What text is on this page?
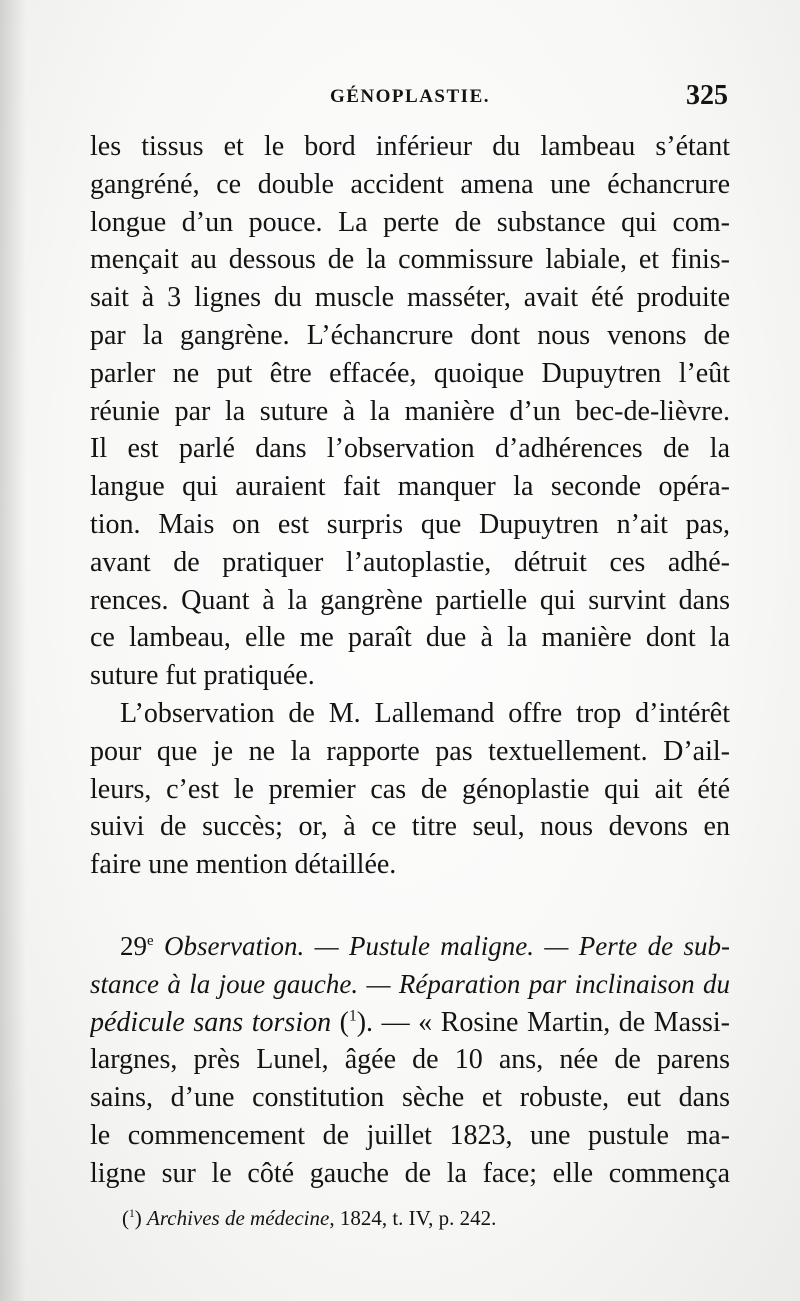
GÉNOPLASTIE.	325
les tissus et le bord inférieur du lambeau s’étant
gangréné, ce double accident amena une échancrure
longue d’un pouce. La perte de substance qui com-
mençait au dessous de la commissure labiale, et finis-
sait à 3 lignes du muscle masséter, avait été produite
par la gangrène. L’échancrure dont nous venons de
parler ne put être effacée, quoique Dupuytren l’eût
réunie par la suture à la manière d’un bec-de-lièvre.
Il est parlé dans l’observation d’adhérences de la
langue qui auraient fait manquer la seconde opéra-
tion. Mais on est surpris que Dupuytren n’ait pas,
avant de pratiquer l’autoplastie, détruit ces adhé-
rences. Quant à la gangrène partielle qui survint dans
ce lambeau, elle me paraît due à la manière dont la
suture fut pratiquée.
L’observation de M. Lallemand offre trop d’intérêt
pour que je ne la rapporte pas textuellement. D’ail-
leurs, c’est le premier cas de génoplastie qui ait été
suivi de succès; or, à ce titre seul, nous devons en
faire une mention détaillée.
29e Observation. — Pustule maligne. — Perte de sub-
stance à la joue gauche. — Réparation par inclinaison du
pédicule sans torsion ($^1$). — « Rosine Martin, de Massi-
largnes, près Lunel, âgée de 10 ans, née de parens
sains, d’une constitution sèche et robuste, eut dans
le commencement de juillet 1823, une pustule ma-
ligne sur le côté gauche de la face; elle commença
($^1$) Archives de médecine, 1824, t. IV, p. 242.
